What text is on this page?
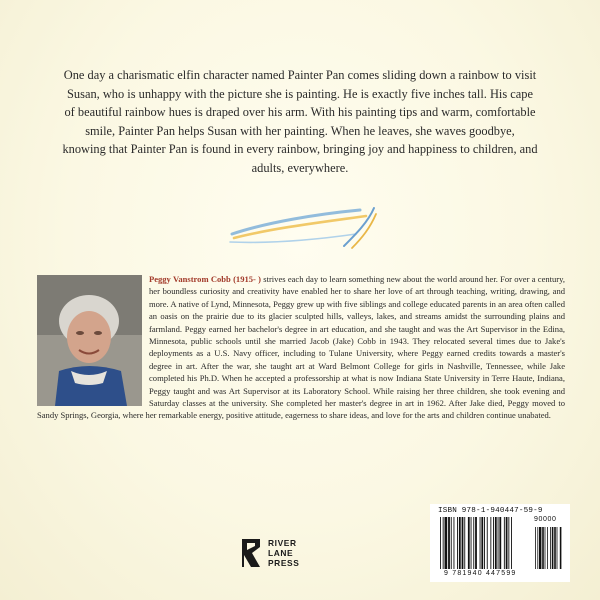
One day a charismatic elfin character named Painter Pan comes sliding down a rainbow to visit Susan, who is unhappy with the picture she is painting. He is exactly five inches tall. His cape of beautiful rainbow hues is draped over his arm. With his painting tips and warm, comfortable smile, Painter Pan helps Susan with her painting. When he leaves, she waves goodbye, knowing that Painter Pan is found in every rainbow, bringing joy and happiness to children, and adults, everywhere.
Peggy Vanstrom Cobb (1915- ) strives each day to learn something new about the world around her. For over a century, her boundless curiosity and creativity have enabled her to share her love of art through teaching, writing, drawing, and more. A native of Lynd, Minnesota, Peggy grew up with five siblings and college educated parents in an area often called an oasis on the prairie due to its glacier sculpted hills, valleys, lakes, and streams amidst the surrounding plains and farmland. Peggy earned her bachelor's degree in art education, and she taught and was the Art Supervisor in the Edina, Minnesota, public schools until she married Jacob (Jake) Cobb in 1943. They relocated several times due to Jake's deployments as a U.S. Navy officer, including to Tulane University, where Peggy earned credits towards a master's degree in art. After the war, she taught art at Ward Belmont College for girls in Nashville, Tennessee, while Jake completed his Ph.D. When he accepted a professorship at what is now Indiana State University in Terre Haute, Indiana, Peggy taught and was Art Supervisor at its Laboratory School. While raising her three children, she took evening and Saturday classes at the university. She completed her master's degree in art in 1962. After Jake died, Peggy moved to Sandy Springs, Georgia, where her remarkable energy, positive attitude, eagerness to share ideas, and love for the arts and children continue unabated.
RIVER
LANE
PRESS
ISBN 978-1-940447-59-9
90000
9 781940 447599
